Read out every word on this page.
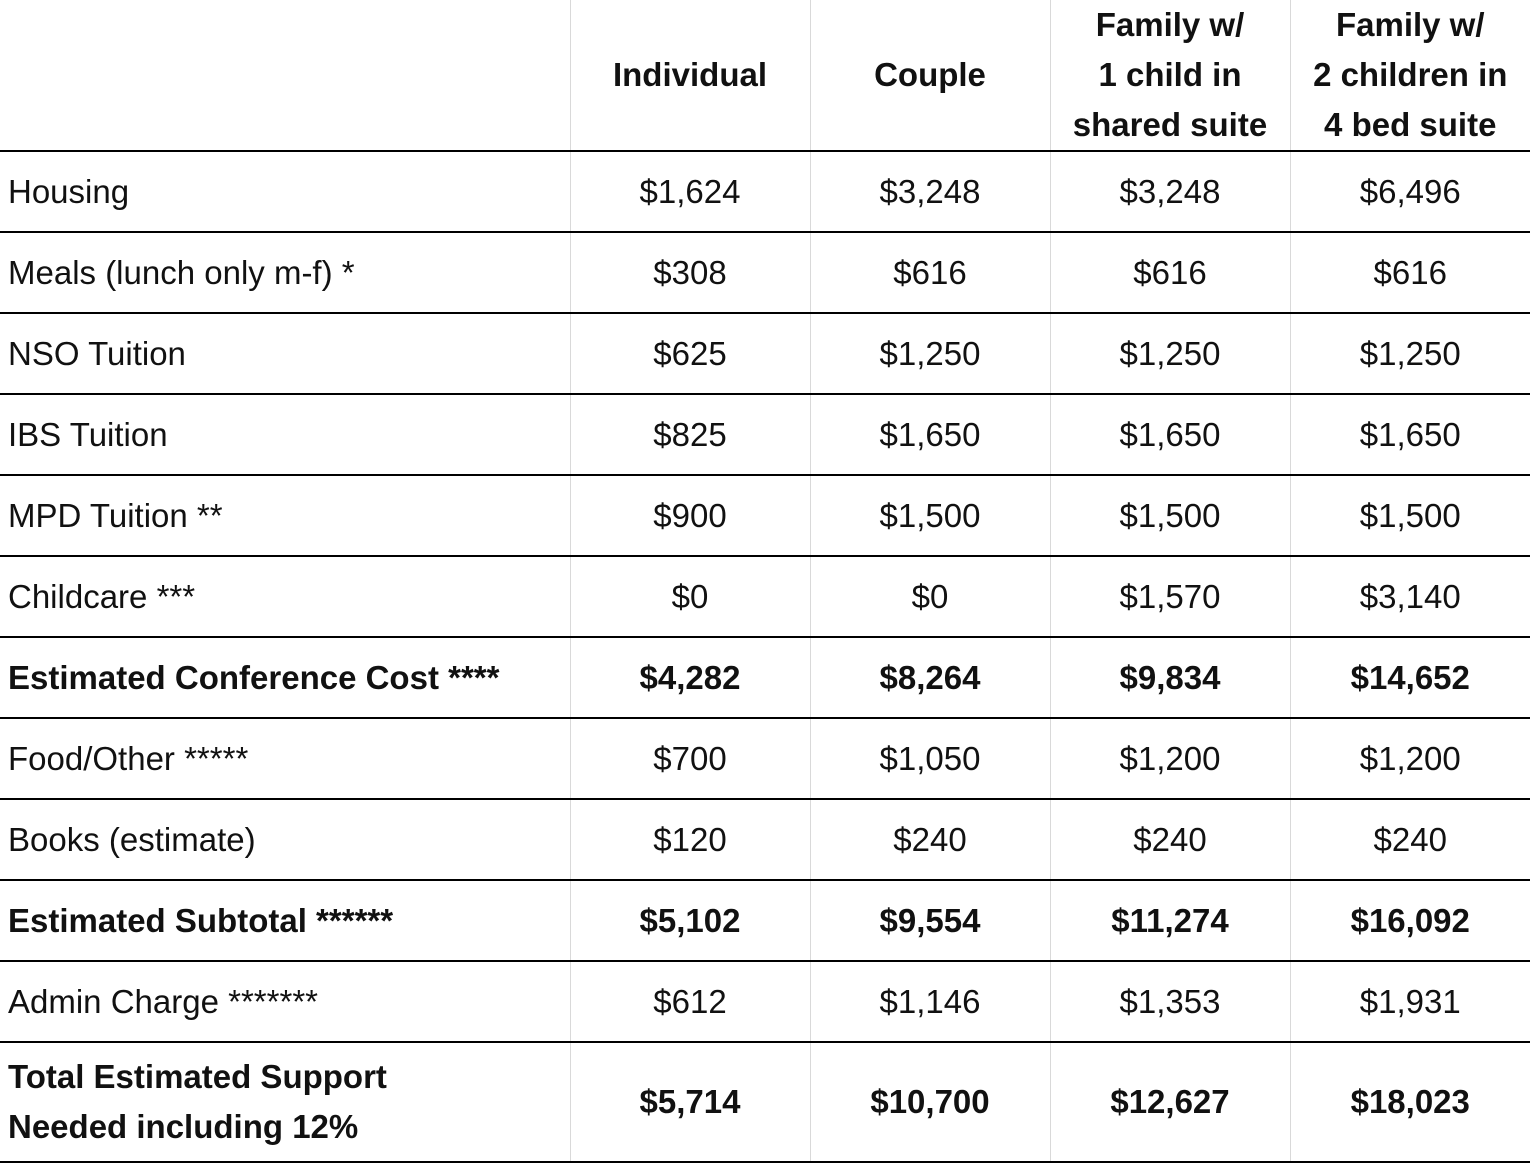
	Individual	Couple	Family w/
1 child in
shared suite	Family w/
2 children in
4 bed suite
Housing	$1,624	$3,248	$3,248	$6,496
Meals (lunch only m-f) *	$308	$616	$616	$616
NSO Tuition	$625	$1,250	$1,250	$1,250
IBS Tuition	$825	$1,650	$1,650	$1,650
MPD Tuition **	$900	$1,500	$1,500	$1,500
Childcare ***	$0	$0	$1,570	$3,140
Estimated Conference Cost ****	$4,282	$8,264	$9,834	$14,652
Food/Other *****	$700	$1,050	$1,200	$1,200
Books (estimate)	$120	$240	$240	$240
Estimated Subtotal ******	$5,102	$9,554	$11,274	$16,092
Admin Charge *******	$612	$1,146	$1,353	$1,931
Total Estimated Support
Needed including 12%	$5,714	$10,700	$12,627	$18,023
